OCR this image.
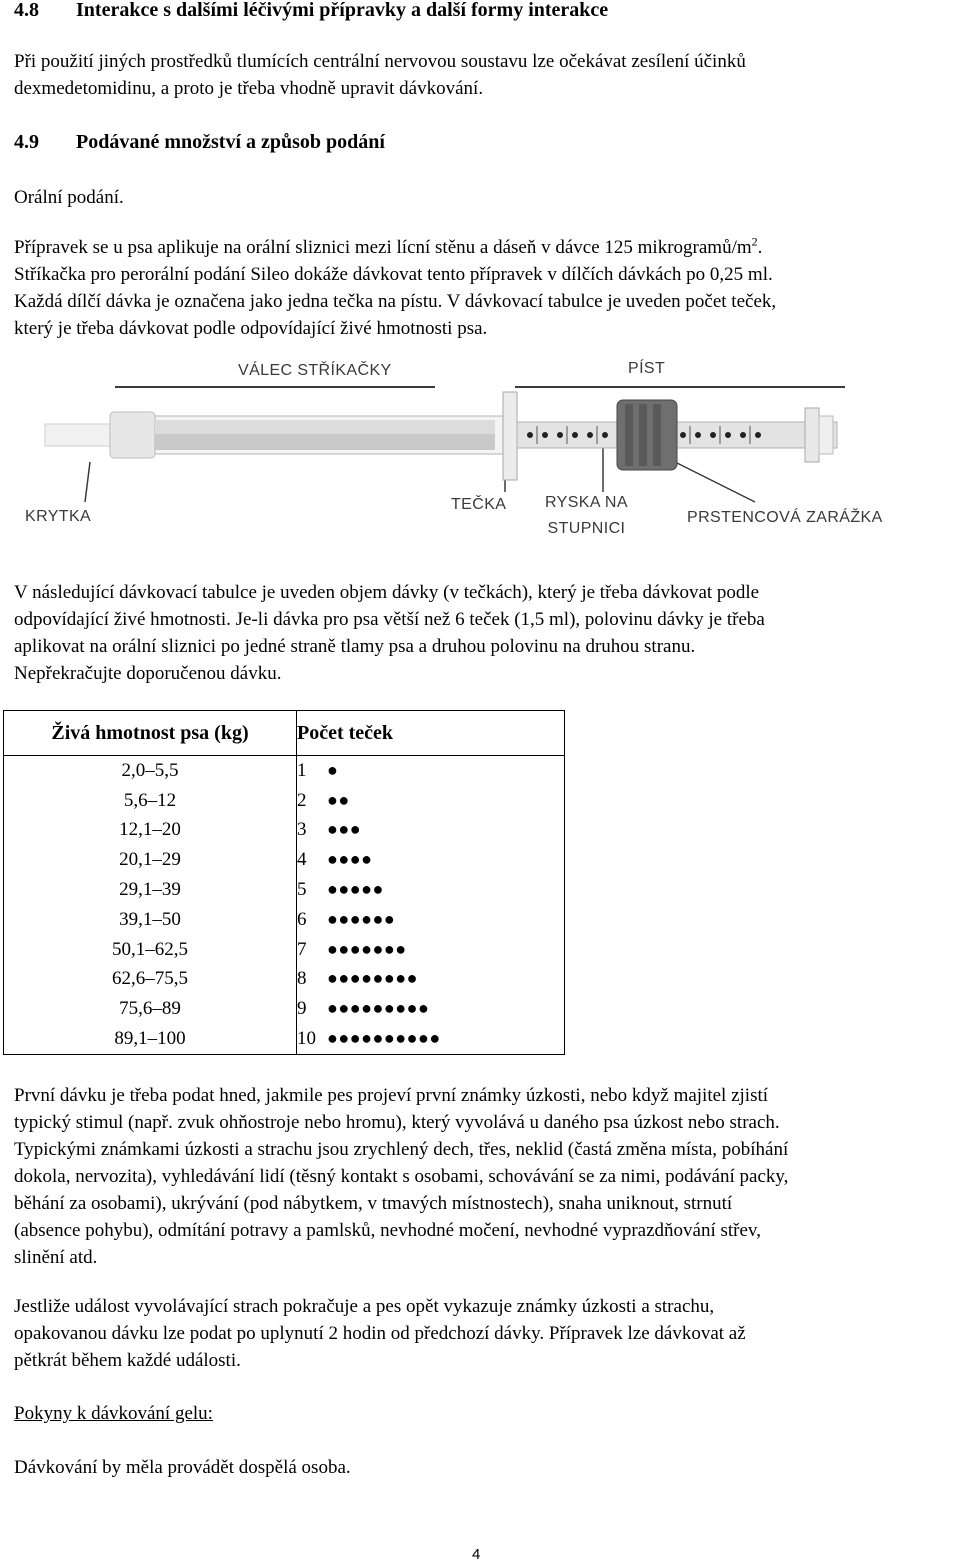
4.8 Interakce s dalšími léčivými přípravky a další formy interakce
Při použití jiných prostředků tlumících centrální nervovou soustavu lze očekávat zesílení účinků
dexmedetomidinu, a proto je třeba vhodně upravit dávkování.
4.9 Podávané množství a způsob podání
Orální podání.
Přípravek se u psa aplikuje na orální sliznici mezi lícní stěnu a dáseň v dávce 125 mikrogramů/$m^2$.
Stříkačka pro perorální podání Sileo dokáže dávkovat tento přípravek v dílčích dávkách po 0,25 ml.
Každá dílčí dávka je označena jako jedna tečka na pístu. V dávkovací tabulce je uveden počet teček,
který je třeba dávkovat podle odpovídající živé hmotnosti psa.
VÁLEC STŘÍKAČKY	PÍST
KRYTKA
TEČKA RYSKA NA
STUPNICI
PRSTENCOVÁ ZARÁŽKA
V následující dávkovací tabulce je uveden objem dávky (v tečkách), který je třeba dávkovat podle
odpovídající živé hmotnosti. Je-li dávka pro psa větší než 6 teček (1,5 ml), polovinu dávky je třeba
aplikovat na orální sliznici po jedné straně tlamy psa a druhou polovinu na druhou stranu.
Nepřekračujte doporučenou dávku.
Živá hmotnost psa (kg)	Počet teček
2,0–5,5	1 ●
5,6–12	2 ●●
12,1–20	3 ●●●
20,1–29	4 ●●●●
29,1–39	5 ●●●●●
39,1–50	6 ●●●●●●
50,1–62,5	7 ●●●●●●●
62,6–75,5	8 ●●●●●●●●
75,6–89	9 ●●●●●●●●●
89,1–100	10 ●●●●●●●●●●
První dávku je třeba podat hned, jakmile pes projeví první známky úzkosti, nebo když majitel zjistí
typický stimul (např. zvuk ohňostroje nebo hromu), který vyvolává u daného psa úzkost nebo strach.
Typickými známkami úzkosti a strachu jsou zrychlený dech, třes, neklid (častá změna místa, pobíhání
dokola, nervozita), vyhledávání lidí (těsný kontakt s osobami, schovávání se za nimi, podávání packy,
běhání za osobami), ukrývání (pod nábytkem, v tmavých místnostech), snaha uniknout, strnutí
(absence pohybu), odmítání potravy a pamlsků, nevhodné močení, nevhodné vyprazdňování střev,
slinění atd.
Jestliže událost vyvolávající strach pokračuje a pes opět vykazuje známky úzkosti a strachu,
opakovanou dávku lze podat po uplynutí 2 hodin od předchozí dávky. Přípravek lze dávkovat až
pětkrát během každé události.
Pokyny k dávkování gelu:
Dávkování by měla provádět dospělá osoba.
4
